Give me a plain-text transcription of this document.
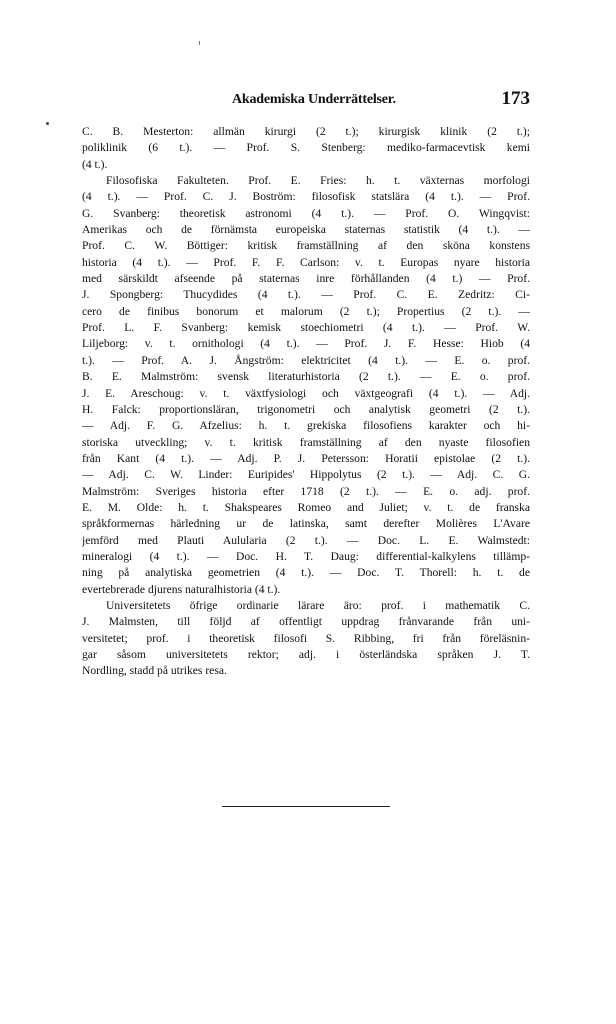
Akademiska Underrättelser.	173
C. B. Mesterton: allmän kirurgi (2 t.); kirurgisk klinik (2 t.);
poliklinik (6 t.). — Prof. S. Stenberg: mediko-farmacevtisk kemi
(4 t.).
Filosofiska Fakulteten. Prof. E. Fries: h. t. växternas morfologi
(4 t.). — Prof. C. J. Boström: filosofisk statslära (4 t.). — Prof.
G. Svanberg: theoretisk astronomi (4 t.). — Prof. O. Wingqvist:
Amerikas och de förnämsta europeiska staternas statistik (4 t.). —
Prof. C. W. Böttiger: kritisk framställning af den sköna konstens
historia (4 t.). — Prof. F. F. Carlson: v. t. Europas nyare historia
med särskildt afseende på staternas inre förhållanden (4 t.) — Prof.
J. Spongberg: Thucydides (4 t.). — Prof. C. E. Zedritz: Ci-
cero de finibus bonorum et malorum (2 t.); Propertius (2 t.). —
Prof. L. F. Svanberg: kemisk stoechiometri (4 t.). — Prof. W.
Liljeborg: v. t. ornithologi (4 t.). — Prof. J. F. Hesse: Hiob (4
t.). — Prof. A. J. Ångström: elektricitet (4 t.). — E. o. prof.
B. E. Malmström: svensk literaturhistoria (2 t.). — E. o. prof.
J. E. Areschoug: v. t. växtfysiologi och växtgeografi (4 t.). — Adj.
H. Falck: proportionsläran, trigonometri och analytisk geometri (2 t.).
— Adj. F. G. Afzelius: h. t. grekiska filosofiens karakter och hi-
storiska utveckling; v. t. kritisk framställning af den nyaste filosofien
från Kant (4 t.). — Adj. P. J. Petersson: Horatii epistolae (2 t.).
— Adj. C. W. Linder: Euripides' Hippolytus (2 t.). — Adj. C. G.
Malmström: Sveriges historia efter 1718 (2 t.). — E. o. adj. prof.
E. M. Olde: h. t. Shakspeares Romeo and Juliet; v. t. de franska
språkformernas härledning ur de latinska, samt derefter Molières L'Avare
jemförd med Plauti Aulularia (2 t.). — Doc. L. E. Walmstedt:
mineralogi (4 t.). — Doc. H. T. Daug: differential-kalkylens tillämp-
ning på analytiska geometrien (4 t.). — Doc. T. Thorell: h. t. de
evertebrerade djurens naturalhistoria (4 t.).
Universitetets öfrige ordinarie lärare äro: prof. i mathematik C.
J. Malmsten, till följd af offentligt uppdrag frånvarande från uni-
versitetet; prof. i theoretisk filosofi S. Ribbing, fri från föreläsnin-
gar såsom universitetets rektor; adj. i österländska språken J. T.
Nordling, stadd på utrikes resa.
